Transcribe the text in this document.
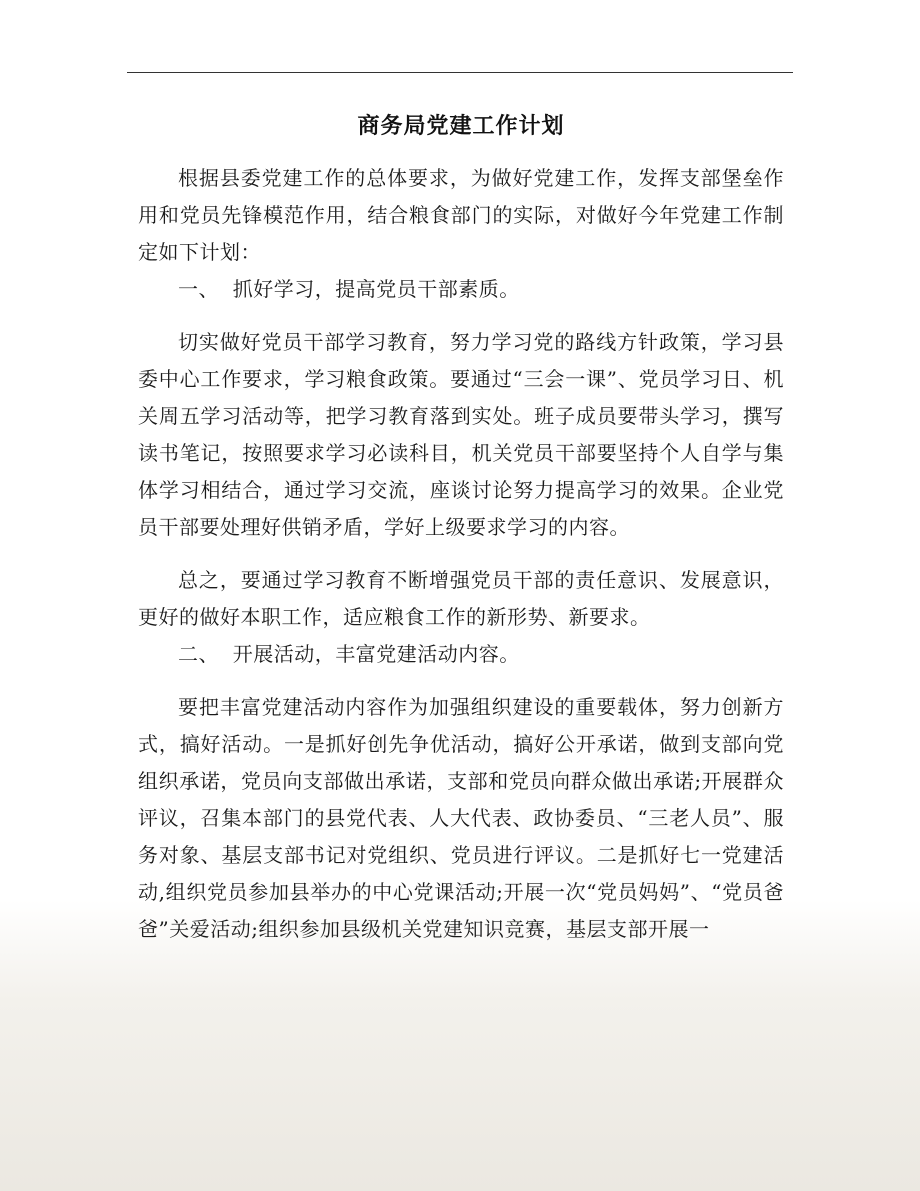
商务局党建工作计划

根据县委党建工作的总体要求，为做好党建工作，发挥支部堡垒作用和党员先锋模范作用，结合粮食部门的实际，对做好今年党建工作制定如下计划：

一、  抓好学习，提高党员干部素质。

切实做好党员干部学习教育，努力学习党的路线方针政策，学习县委中心工作要求，学习粮食政策。要通过“三会一课”、党员学习日、机关周五学习活动等，把学习教育落到实处。班子成员要带头学习，撰写读书笔记，按照要求学习必读科目，机关党员干部要坚持个人自学与集体学习相结合，通过学习交流，座谈讨论努力提高学习的效果。企业党员干部要处理好供销矛盾，学好上级要求学习的内容。

总之，要通过学习教育不断增强党员干部的责任意识、发展意识，更好的做好本职工作，适应粮食工作的新形势、新要求。

二、  开展活动，丰富党建活动内容。

要把丰富党建活动内容作为加强组织建设的重要载体，努力创新方式，搞好活动。一是抓好创先争优活动，搞好公开承诺，做到支部向党组织承诺，党员向支部做出承诺，支部和党员向群众做出承诺;开展群众评议，召集本部门的县党代表、人大代表、政协委员、“三老人员”、服务对象、基层支部书记对党组织、党员进行评议。二是抓好七一党建活动,组织党员参加县举办的中心党课活动;开展一次“党员妈妈”、“党员爸爸”关爱活动;组织参加县级机关党建知识竞赛，基层支部开展一
